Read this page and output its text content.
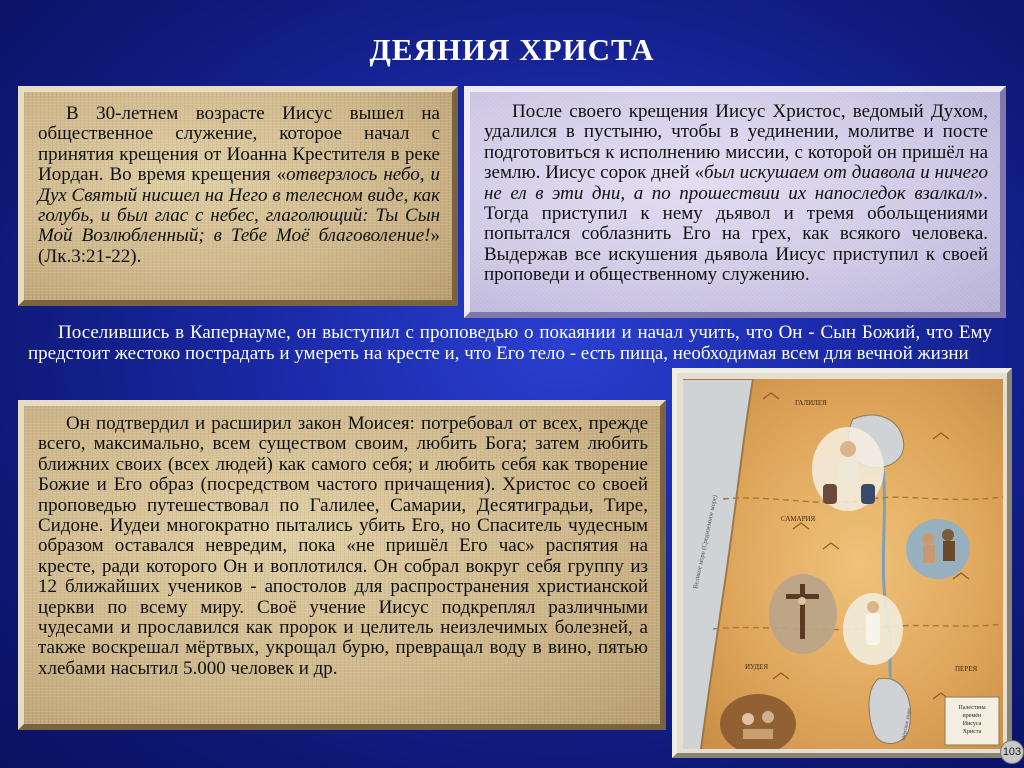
ДЕЯНИЯ ХРИСТА

В 30-летнем возрасте Иисус вышел на общественное служение, которое начал с принятия крещения от Иоанна Крестителя в реке Иордан. Во время крещения «отверзлось небо, и Дух Святый нисшел на Него в телесном виде, как голубь, и был глас с небес, глаголющий: Ты Сын Мой Возлюбленный; в Тебе Моё благоволение!» (Лк.3:21-22).

После своего крещения Иисус Христос, ведомый Духом, удалился в пустыню, чтобы в уединении, молитве и посте подготовиться к исполнению миссии, с которой он пришёл на землю. Иисус сорок дней «был искушаем от диавола и ничего не ел в эти дни, а по прошествии их напоследок взалкал». Тогда приступил к нему дьявол и тремя обольщениями попытался соблазнить Его на грех, как всякого человека. Выдержав все искушения дьявола Иисус приступил к своей проповеди и общественному служению.

Поселившись в Капернауме, он выступил с проповедью о покаянии и начал учить, что Он - Сын Божий, что Ему предстоит жестоко пострадать и умереть на кресте и, что Его тело - есть пища, необходимая всем для вечной жизни

Он подтвердил и расширил закон Моисея: потребовал от всех, прежде всего, максимально, всем существом своим, любить Бога; затем любить ближних своих (всех людей) как самого себя; и любить себя как творение Божие и Его образ (посредством частого причащения). Христос со своей проповедью путешествовал по Галилее, Самарии, Десятиградьи, Тире, Сидоне. Иудеи многократно пытались убить Его, но Спаситель чудесным образом оставался невредим, пока «не пришёл Его час» распятия на кресте, ради которого Он и воплотился. Он собрал вокруг себя группу из 12 ближайших учеников - апостолов для распространения христианской церкви по всему миру. Своё учение Иисус подкреплял различными чудесами и прославился как пророк и целитель неизлечимых болезней, а также воскрешал мёртвых, укрощал бурю, превращал воду в вино, пятью хлебами насытил 5.000 человек и др.

ГАЛИЛЕЯ
САМАРИЯ
ИУДЕЯ	ПЕРЕЯ
Великое море (Средиземное море)
Мёртвое море	Палестина
времён
Иисуса
Христа
103
